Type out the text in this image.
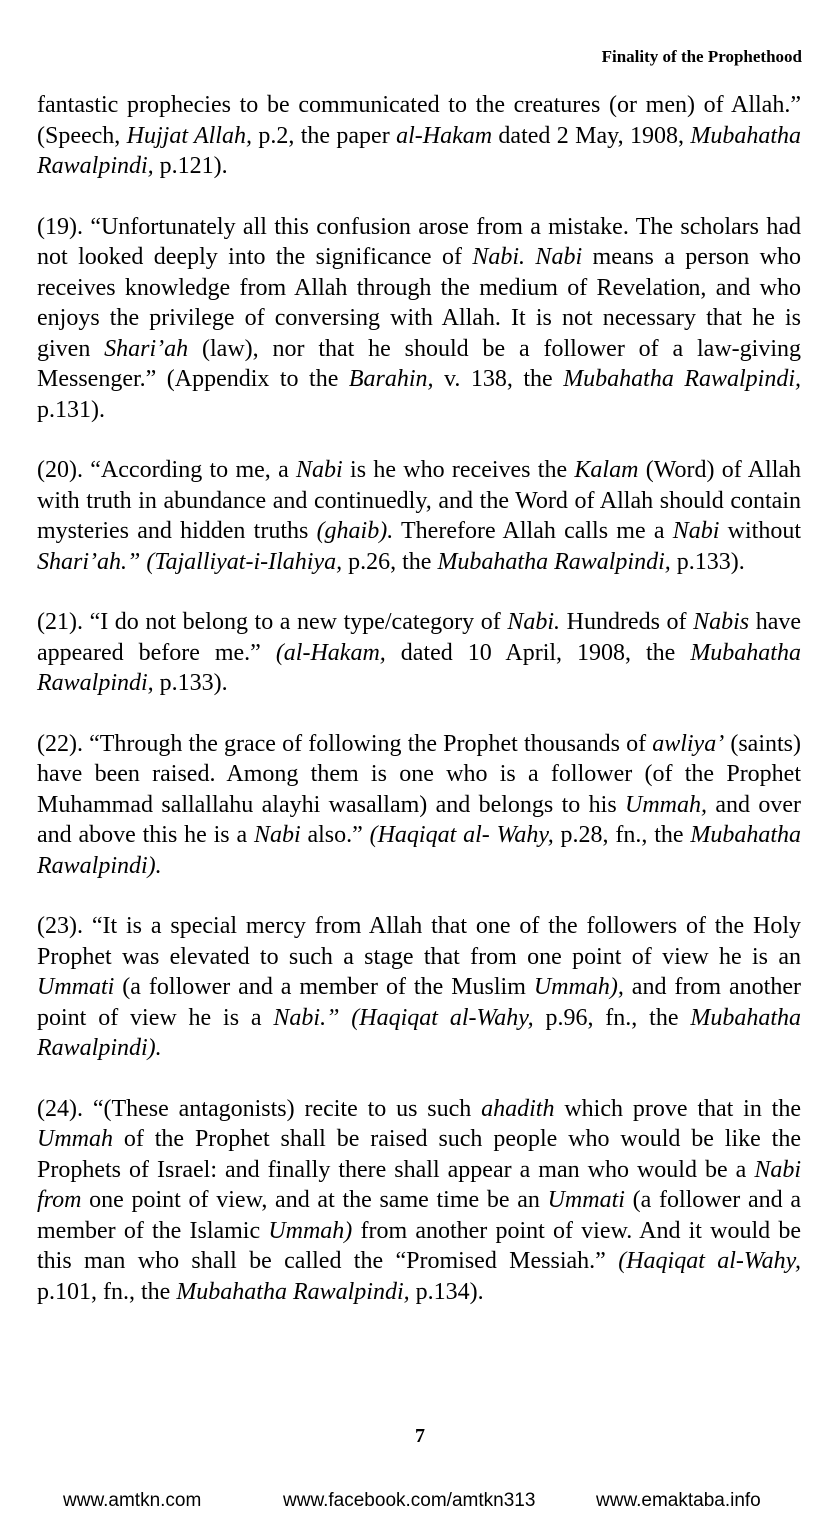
Finality of the Prophethood

fantastic prophecies to be communicated to the creatures (or men) of Allah.” (Speech, Hujjat Allah, p.2, the paper al-Hakam dated 2 May, 1908, Mubahatha Rawalpindi, p.121).

(19). “Unfortunately all this confusion arose from a mistake. The scholars had not looked deeply into the significance of Nabi. Nabi means a person who receives knowledge from Allah through the medium of Revelation, and who enjoys the privilege of conversing with Allah. It is not necessary that he is given Shari’ah (law), nor that he should be a follower of a law-giving Messenger.” (Appendix to the Barahin, v. 138, the Mubahatha Rawalpindi, p.131).

(20). “According to me, a Nabi is he who receives the Kalam (Word) of Allah with truth in abundance and continuedly, and the Word of Allah should contain mysteries and hidden truths (ghaib). Therefore Allah calls me a Nabi without Shari’ah.” (Tajalliyat-i-Ilahiya, p.26, the Mubahatha Rawalpindi, p.133).

(21). “I do not belong to a new type/category of Nabi. Hundreds of Nabis have appeared before me.” (al-Hakam, dated 10 April, 1908, the Mubahatha Rawalpindi, p.133).

(22). “Through the grace of following the Prophet thousands of awliya’ (saints) have been raised. Among them is one who is a follower (of the Prophet Muhammad sallallahu alayhi wasallam) and belongs to his Ummah, and over and above this he is a Nabi also.” (Haqiqat al- Wahy, p.28, fn., the Mubahatha Rawalpindi).

(23). “It is a special mercy from Allah that one of the followers of the Holy Prophet was elevated to such a stage that from one point of view he is an Ummati (a follower and a member of the Muslim Ummah), and from another point of view he is a Nabi.” (Haqiqat al-Wahy, p.96, fn., the Mubahatha Rawalpindi).

(24). “(These antagonists) recite to us such ahadith which prove that in the Ummah of the Prophet shall be raised such people who would be like the Prophets of Israel: and finally there shall appear a man who would be a Nabi from one point of view, and at the same time be an Ummati (a follower and a member of the Islamic Ummah) from another point of view. And it would be this man who shall be called the “Promised Messiah.” (Haqiqat al-Wahy, p.101, fn., the Mubahatha Rawalpindi, p.134).

7
www.amtkn.com	www.facebook.com/amtkn313	www.emaktaba.info
